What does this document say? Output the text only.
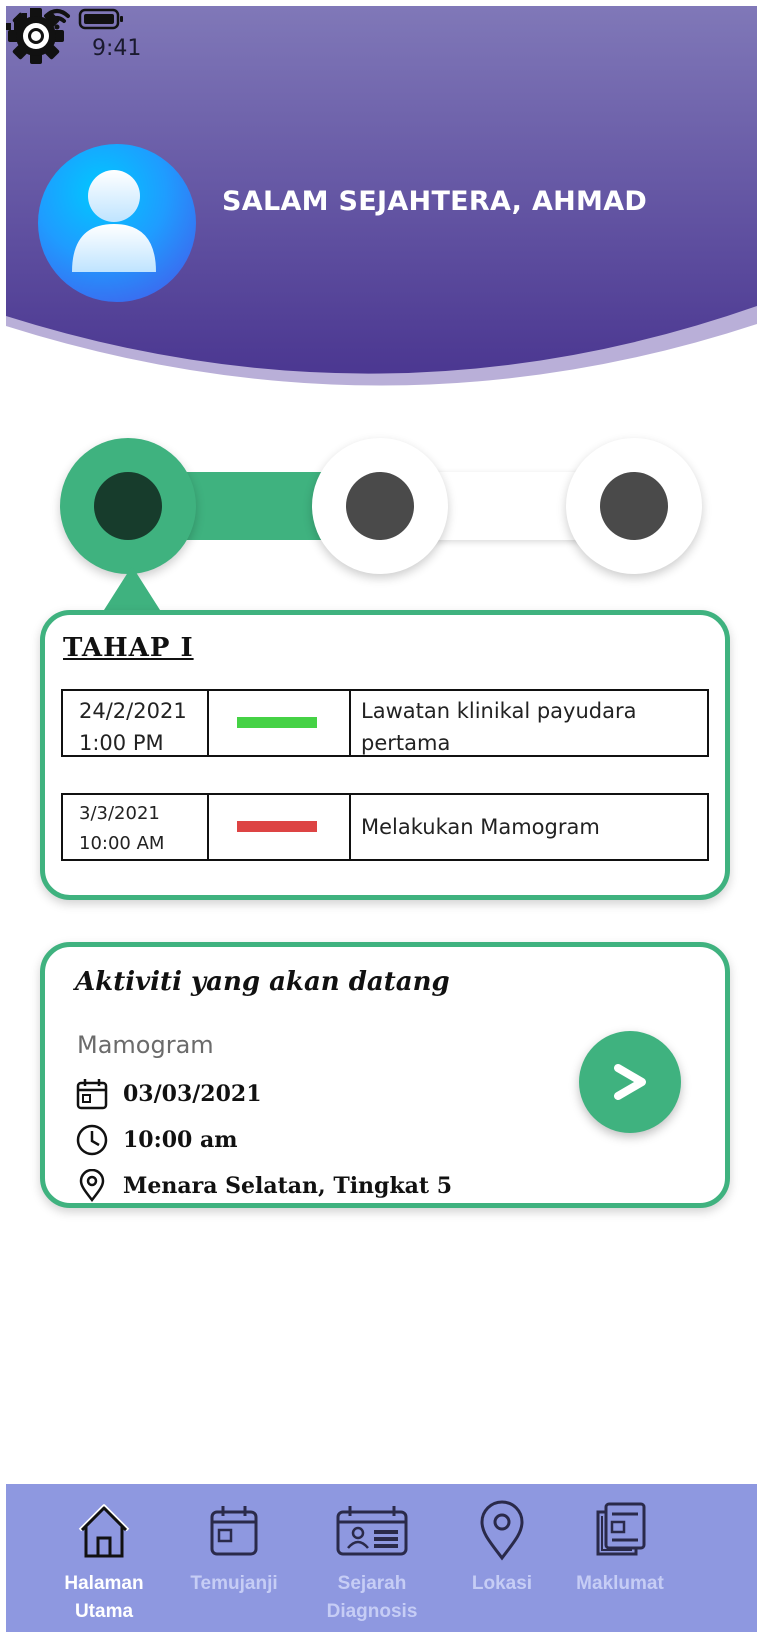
9:41
SALAM SEJAHTERA, AHMAD
TAHAP I
24/2/2021
1:00 PM
Lawatan klinikal payudara pertama
3/3/2021
10:00 AM
Melakukan Mamogram
Aktiviti yang akan datang
Mamogram
03/03/2021
10:00 am
Menara Selatan, Tingkat 5
Halaman
Utama
Temujanji	Sejarah
Diagnosis
Lokasi	Maklumat
